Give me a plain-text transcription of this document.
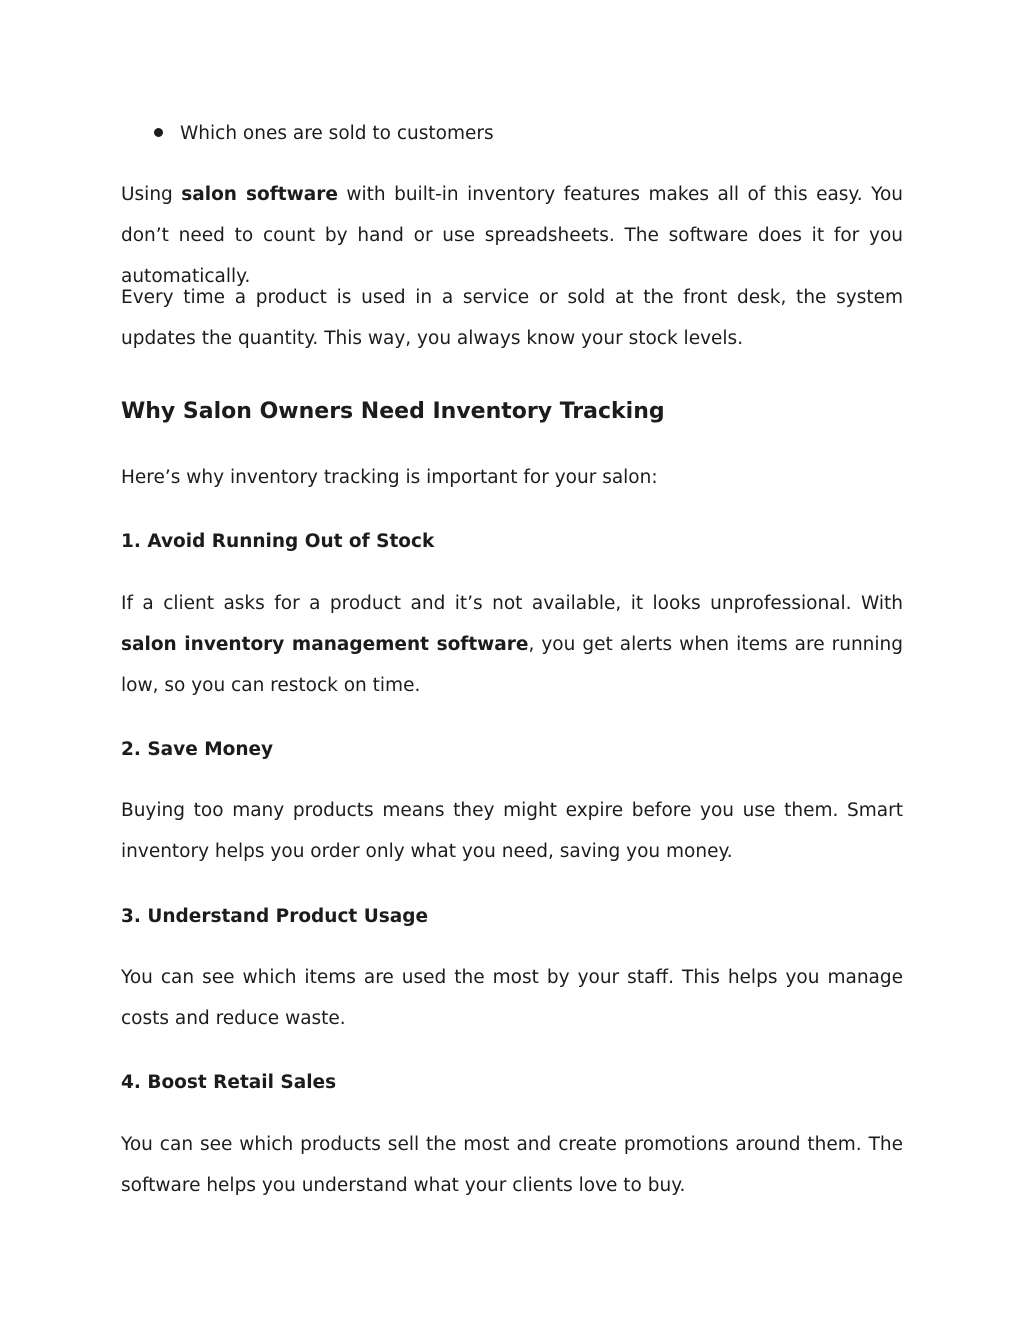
Which ones are sold to customers

Using salon software with built-in inventory features makes all of this easy. You don’t need to count by hand or use spreadsheets. The software does it for you automatically.

Every time a product is used in a service or sold at the front desk, the system updates the quantity. This way, you always know your stock levels.

Why Salon Owners Need Inventory Tracking

Here’s why inventory tracking is important for your salon:

1. Avoid Running Out of Stock

If a client asks for a product and it’s not available, it looks unprofessional. With salon inventory management software, you get alerts when items are running low, so you can restock on time.

2. Save Money

Buying too many products means they might expire before you use them. Smart inventory helps you order only what you need, saving you money.

3. Understand Product Usage

You can see which items are used the most by your staff. This helps you manage costs and reduce waste.

4. Boost Retail Sales

You can see which products sell the most and create promotions around them. The software helps you understand what your clients love to buy.
